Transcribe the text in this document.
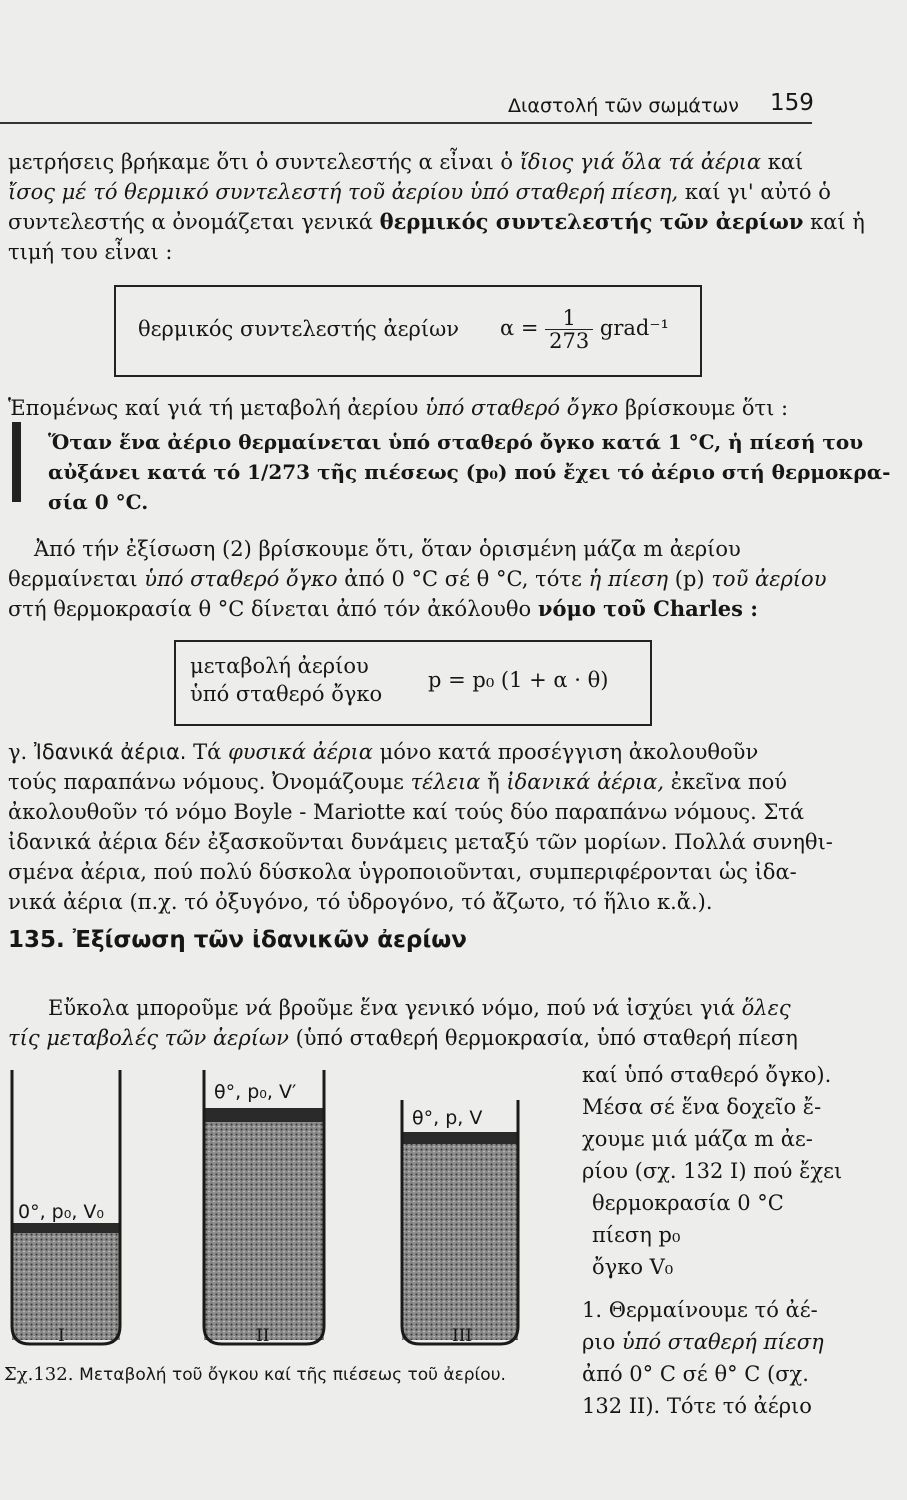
Διαστολή τῶν σωμάτων 159
μετρήσεις βρήκαμε ὅτι ὁ συντελεστής α εἶναι ὁ ἴδιος γιά ὅλα τά ἀέρια καί
ἴσος μέ τό θερμικό συντελεστή τοῦ ἀερίου ὑπό σταθερή πίεση, καί γι' αὐτό ὁ
συντελεστής α ὀνομάζεται γενικά θερμικός συντελεστής τῶν ἀερίων καί ἡ
τιμή του εἶναι :
θερμικός συντελεστής ἀερίων $\alpha = \frac{1}{273}$ grad⁻¹
Ἑπομένως καί γιά τή μεταβολή ἀερίου ὑπό σταθερό ὄγκο βρίσκουμε ὅτι :
Ὅταν ἕνα ἀέριο θερμαίνεται ὑπό σταθερό ὄγκο κατά 1 °C, ἡ πίεσή του
αὐξάνει κατά τό 1/273 τῆς πιέσεως (p₀) πού ἔχει τό ἀέριο στή θερμοκρα-
σία 0 °C.
Ἀπό τήν ἐξίσωση (2) βρίσκουμε ὅτι, ὅταν ὁρισμένη μάζα m ἀερίου
θερμαίνεται ὑπό σταθερό ὄγκο ἀπό 0 °C σέ θ °C, τότε ἡ πίεση (p) τοῦ ἀερίου
στή θερμοκρασία θ °C δίνεται ἀπό τόν ἀκόλουθο νόμο τοῦ Charles :
μεταβολή ἀερίου
ὑπό σταθερό ὄγκο
p = p₀ (1 + α · θ)
γ. Ἰδανικά ἀέρια. Τά φυσικά ἀέρια μόνο κατά προσέγγιση ἀκολουθοῦν
τούς παραπάνω νόμους. Ὀνομάζουμε τέλεια ἤ ἰδανικά ἀέρια, ἐκεῖνα πού
ἀκολουθοῦν τό νόμο Boyle - Mariotte καί τούς δύο παραπάνω νόμους. Στά
ἰδανικά ἀέρια δέν ἐξασκοῦνται δυνάμεις μεταξύ τῶν μορίων. Πολλά συνηθι-
σμένα ἀέρια, πού πολύ δύσκολα ὑγροποιοῦνται, συμπεριφέρονται ὡς ἰδα-
νικά ἀέρια (π.χ. τό ὀξυγόνο, τό ὑδρογόνο, τό ἄζωτο, τό ἥλιο κ.ἄ.).
135. Ἐξίσωση τῶν ἰδανικῶν ἀερίων
Εὔκολα μποροῦμε νά βροῦμε ἕνα γενικό νόμο, πού νά ἰσχύει γιά ὅλες
τίς μεταβολές τῶν ἀερίων (ὑπό σταθερή θερμοκρασία, ὑπό σταθερή πίεση
καί ὑπό σταθερό ὄγκο).
Μέσα σέ ἕνα δοχεῖο ἔ-
χουμε μιά μάζα m ἀε-
ρίου (σχ. 132 I) πού ἔχει
θερμοκρασία 0 °C
πίεση p₀
ὄγκο V₀
1. Θερμαίνουμε τό ἀέ-
ριο ὑπό σταθερή πίεση
ἀπό 0° C σέ θ° C (σχ.
132 II). Τότε τό ἀέριο
0°, p₀, V₀
θ°, p₀, V′
θ°, p, V
I	II	III
Σχ.132. Μεταβολή τοῦ ὄγκου καί τῆς πιέσεως τοῦ ἀερίου.
